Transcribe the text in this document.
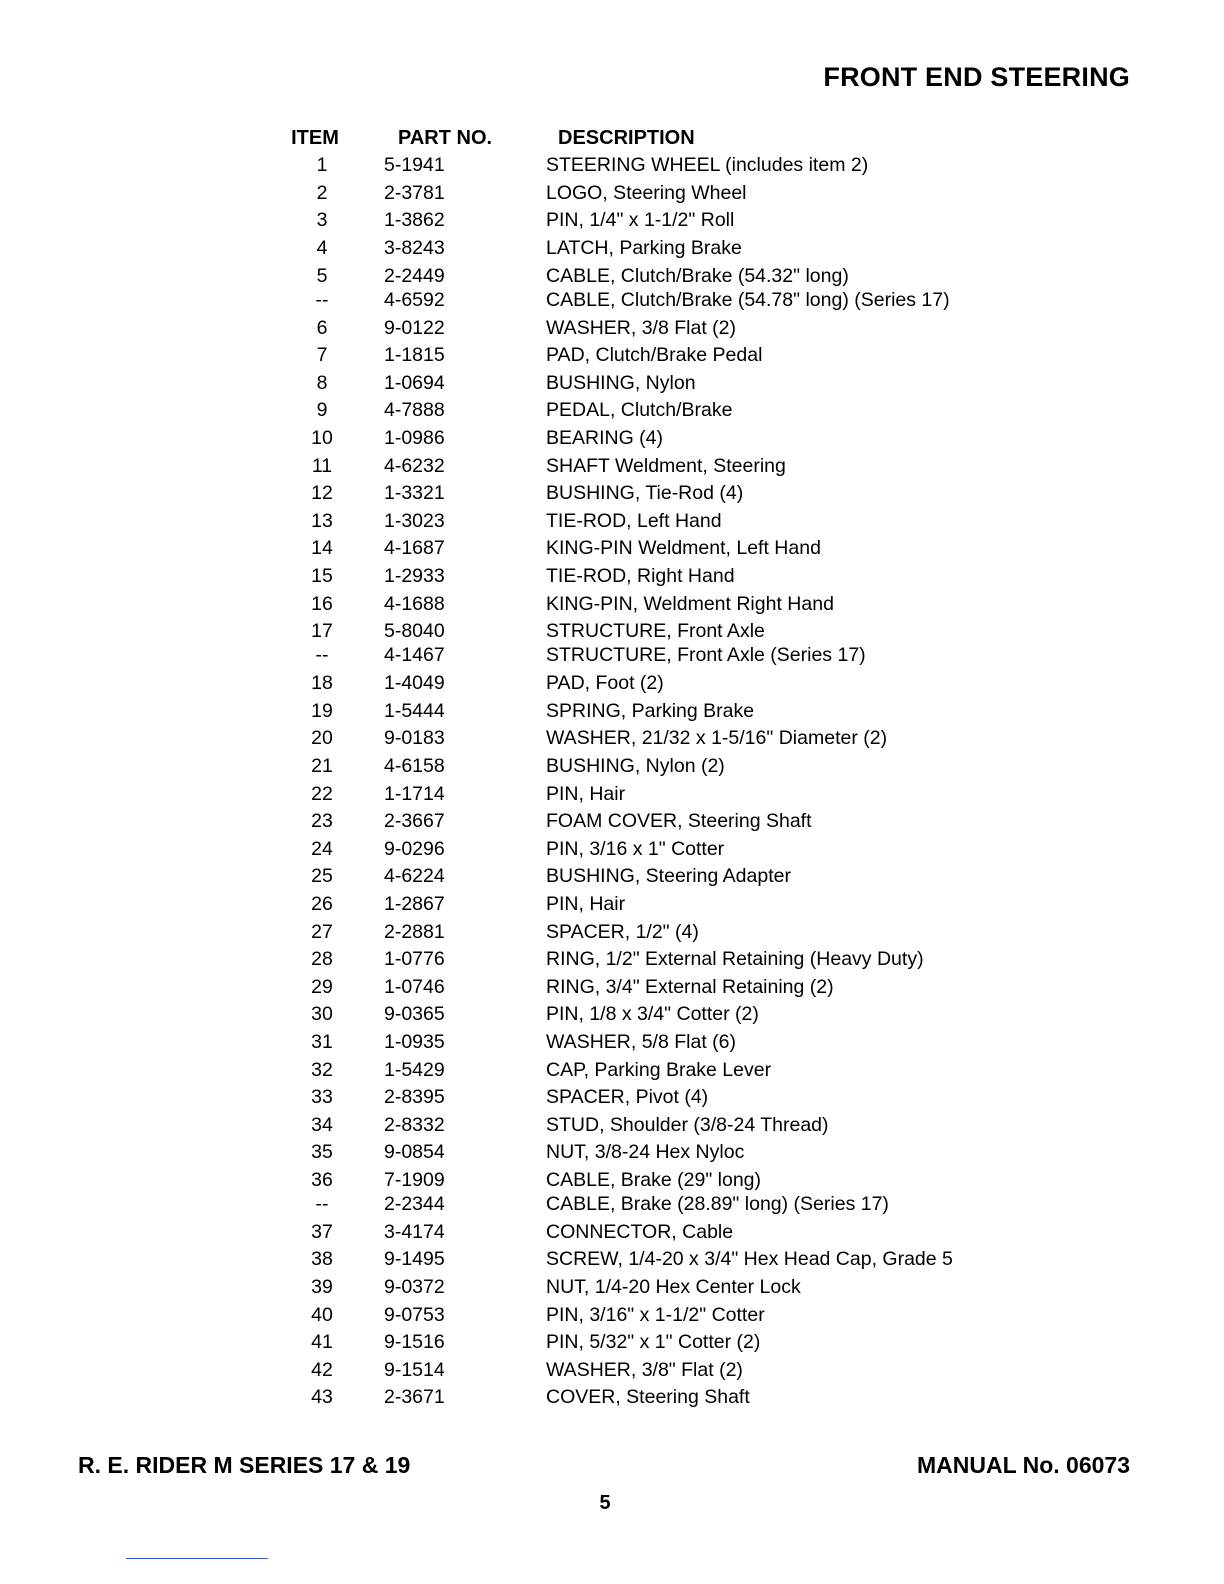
FRONT END STEERING
ITEM	PART NO.	DESCRIPTION
1	5-1941	STEERING WHEEL (includes item 2)
2	2-3781	LOGO, Steering Wheel
3	1-3862	PIN, 1/4" x 1-1/2" Roll
4	3-8243	LATCH, Parking Brake
5	2-2449	CABLE, Clutch/Brake (54.32" long)
--	4-6592	CABLE, Clutch/Brake (54.78" long) (Series 17)
6	9-0122	WASHER, 3/8 Flat (2)
7	1-1815	PAD, Clutch/Brake Pedal
8	1-0694	BUSHING, Nylon
9	4-7888	PEDAL, Clutch/Brake
10	1-0986	BEARING (4)
11	4-6232	SHAFT Weldment, Steering
12	1-3321	BUSHING, Tie-Rod (4)
13	1-3023	TIE-ROD, Left Hand
14	4-1687	KING-PIN Weldment, Left Hand
15	1-2933	TIE-ROD, Right Hand
16	4-1688	KING-PIN, Weldment Right Hand
17	5-8040	STRUCTURE, Front Axle
--	4-1467	STRUCTURE, Front Axle (Series 17)
18	1-4049	PAD, Foot (2)
19	1-5444	SPRING, Parking Brake
20	9-0183	WASHER, 21/32 x 1-5/16" Diameter (2)
21	4-6158	BUSHING, Nylon (2)
22	1-1714	PIN, Hair
23	2-3667	FOAM COVER, Steering Shaft
24	9-0296	PIN, 3/16 x 1" Cotter
25	4-6224	BUSHING, Steering Adapter
26	1-2867	PIN, Hair
27	2-2881	SPACER, 1/2" (4)
28	1-0776	RING, 1/2" External Retaining (Heavy Duty)
29	1-0746	RING, 3/4" External Retaining (2)
30	9-0365	PIN, 1/8 x 3/4" Cotter (2)
31	1-0935	WASHER, 5/8 Flat (6)
32	1-5429	CAP, Parking Brake Lever
33	2-8395	SPACER, Pivot (4)
34	2-8332	STUD, Shoulder (3/8-24 Thread)
35	9-0854	NUT, 3/8-24 Hex Nyloc
36	7-1909	CABLE, Brake (29" long)
--	2-2344	CABLE, Brake (28.89" long) (Series 17)
37	3-4174	CONNECTOR, Cable
38	9-1495	SCREW, 1/4-20 x 3/4" Hex Head Cap, Grade 5
39	9-0372	NUT, 1/4-20 Hex Center Lock
40	9-0753	PIN, 3/16" x 1-1/2" Cotter
41	9-1516	PIN, 5/32" x 1" Cotter (2)
42	9-1514	WASHER, 3/8" Flat (2)
43	2-3671	COVER, Steering Shaft
R. E. RIDER M SERIES 17 & 19	MANUAL No. 06073
5
